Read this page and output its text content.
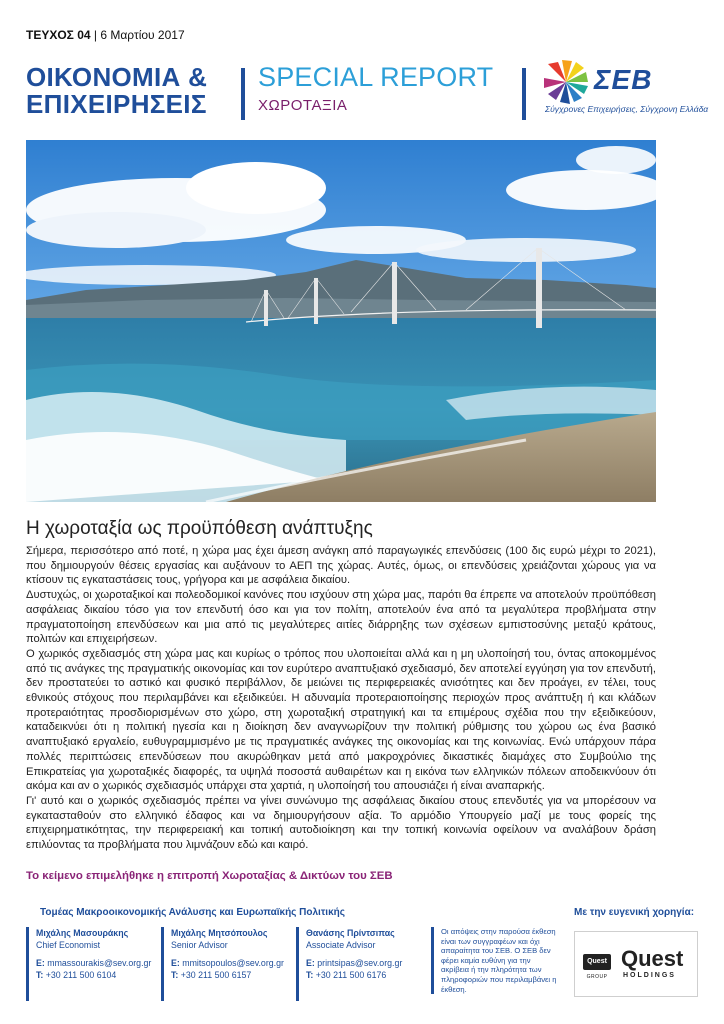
ΤΕΥΧΟΣ 04 | 6 Μαρτίου 2017
ΟΙΚΟΝΟΜΙΑ &
ΕΠΙΧΕΙΡΗΣΕΙΣ
SPECIAL REPORT
ΧΩΡΟΤΑΞΙΑ
ΣΕΒ
Σύγχρονες Επιχειρήσεις, Σύγχρονη Ελλάδα
Η χωροταξία ως προϋπόθεση ανάπτυξης

Σήμερα, περισσότερο από ποτέ, η χώρα μας έχει άμεση ανάγκη από παραγωγικές επενδύσεις (100 δις ευρώ μέχρι το 2021), που δημιουργούν θέσεις εργασίας και αυξάνουν το ΑΕΠ της χώρας. Αυτές, όμως, οι επενδύσεις χρειάζονται χώρους για να κτίσουν τις εγκαταστάσεις τους, γρήγορα και με ασφάλεια δικαίου.

Δυστυχώς, οι χωροταξικοί και πολεοδομικοί κανόνες που ισχύουν στη χώρα μας, παρότι θα έπρεπε να αποτελούν προϋπόθεση ασφάλειας δικαίου τόσο για τον επενδυτή όσο και για τον πολίτη, αποτελούν ένα από τα μεγαλύτερα προβλήματα στην πραγματοποίηση επενδύσεων και μια από τις μεγαλύτερες αιτίες διάρρηξης των σχέσεων εμπιστοσύνης μεταξύ κράτους, πολιτών και επιχειρήσεων.

Ο χωρικός σχεδιασμός στη χώρα μας και κυρίως ο τρόπος που υλοποιείται αλλά και η μη υλοποίησή του, όντας αποκομμένος από τις ανάγκες της πραγματικής οικονομίας και τον ευρύτερο αναπτυξιακό σχεδιασμό, δεν αποτελεί εγγύηση για τον επενδυτή, δεν προστατεύει το αστικό και φυσικό περιβάλλον, δε μειώνει τις περιφερειακές ανισότητες και δεν προάγει, εν τέλει, τους εθνικούς στόχους που περιλαμβάνει και εξειδικεύει. Η αδυναμία προτεραιοποίησης περιοχών προς ανάπτυξη ή και κλάδων προτεραιότητας προσδιορισμένων στο χώρο, στη χωροταξική στρατηγική και τα επιμέρους σχέδια που την εξειδικεύουν, καταδεικνύει ότι η πολιτική ηγεσία και η διοίκηση δεν αναγνωρίζουν την πολιτική ρύθμισης του χώρου ως ένα βασικό αναπτυξιακό εργαλείο, ευθυγραμμισμένο με τις πραγματικές ανάγκες της οικονομίας και της κοινωνίας. Ενώ υπάρχουν πάρα πολλές περιπτώσεις επενδύσεων που ακυρώθηκαν μετά από μακροχρόνιες δικαστικές διαμάχες στο Συμβούλιο της Επικρατείας για χωροταξικές διαφορές, τα υψηλά ποσοστά αυθαιρέτων και η εικόνα των ελληνικών πόλεων αποδεικνύουν ότι ακόμα και αν ο χωρικός σχεδιασμός υπάρχει στα χαρτιά, η υλοποίησή του απουσιάζει ή είναι αναπαρκής.

Γι' αυτό και ο χωρικός σχεδιασμός πρέπει να γίνει συνώνυμο της ασφάλειας δικαίου στους επενδυτές για να μπορέσουν να εγκατασταθούν στο ελληνικό έδαφος και να δημιουργήσουν αξία. Το αρμόδιο Υπουργείο μαζί με τους φορείς της επιχειρηματικότητας, την περιφερειακή και τοπική αυτοδιοίκηση και την τοπική κοινωνία οφείλουν να αναλάβουν δράση επιλύοντας τα προβλήματα που λιμνάζουν εδώ και καιρό.

Το κείμενο επιμελήθηκε η επιτροπή Χωροταξίας & Δικτύων του ΣΕΒ
Τομέας Μακροοικονομικής Ανάλυσης και Ευρωπαϊκής Πολιτικής	Με την ευγενική χορηγία:
Μιχάλης Μασουράκης
Chief Economist
E: mmassourakis@sev.org.gr
T: +30 211 500 6104
Μιχάλης Μητσόπουλος
Senior Advisor
E: mmitsopoulos@sev.org.gr
T: +30 211 500 6157
Θανάσης Πρίντσιπας
Associate Advisor
E: printsipas@sev.org.gr
T: +30 211 500 6176
Οι απόψεις στην παρούσα έκθεση είναι των συγγραφέων και όχι απαραίτητα του ΣΕΒ. Ο ΣΕΒ δεν φέρει καμία ευθύνη για την ακρίβεια ή την πληρότητα των πληροφοριών που περιλαμβάνει η έκθεση.
Quest
GROUP
Quest
HOLDINGS
